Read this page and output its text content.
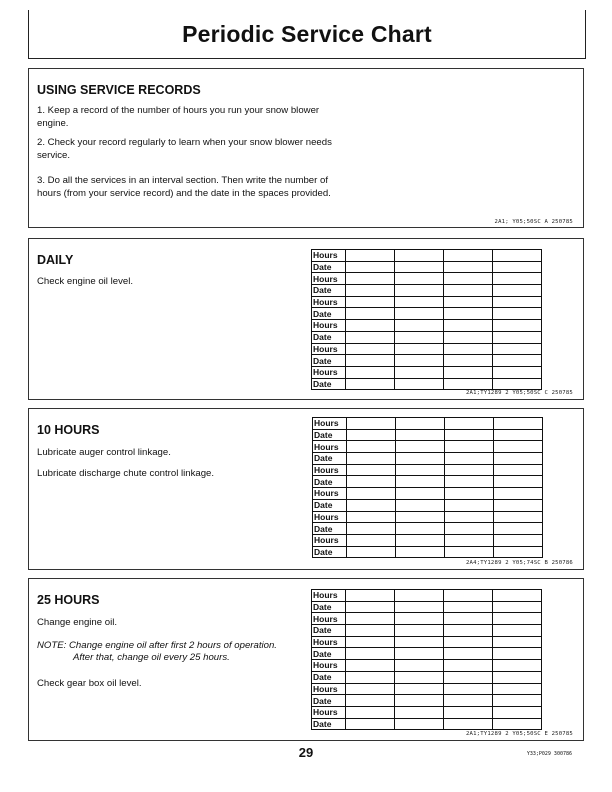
Periodic Service Chart
USING SERVICE RECORDS

1. Keep a record of the number of hours you run your snow blower engine.

2. Check your record regularly to learn when your snow blower needs service.

3. Do all the services in an interval section. Then write the number of hours (from your service record) and the date in the spaces provided.

2A1; Y05;50SC A 250785
DAILY

Check engine oil level.

Hours				
Date				
Hours				
Date				
Hours				
Date				
Hours				
Date				
Hours				
Date				
Hours				
Date				
2A1;TY1289 2 Y05;50SC C 250785
10 HOURS

Lubricate auger control linkage.

Lubricate discharge chute control linkage.

Hours				
Date				
Hours				
Date				
Hours				
Date				
Hours				
Date				
Hours				
Date				
Hours				
Date				
2A4;TY1289 2 Y05;74SC B 250786
25 HOURS

Change engine oil.

NOTE: Change engine oil after first 2 hours of operation.

After that, change oil every 25 hours.

Check gear box oil level.

Hours				
Date				
Hours				
Date				
Hours				
Date				
Hours				
Date				
Hours				
Date				
Hours				
Date				
2A1;TY1289 2 Y05;50SC E 250785
29	Y33;P029 300786
